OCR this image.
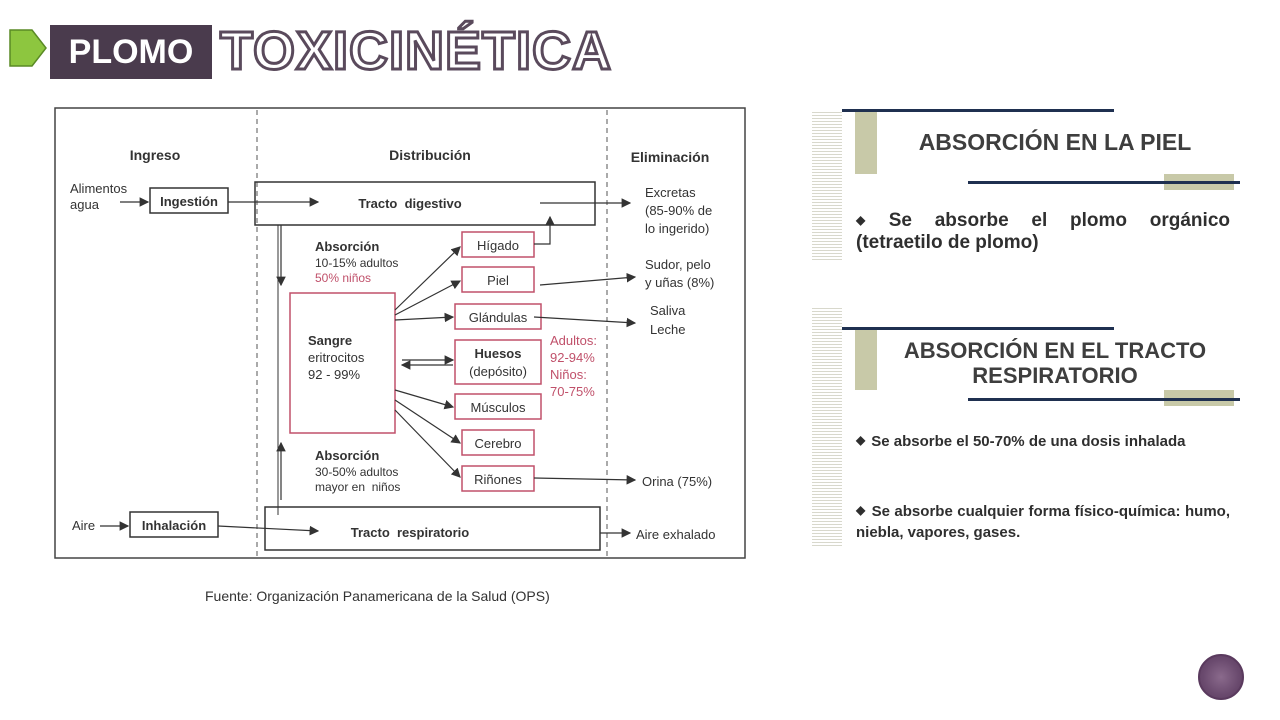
PLOMO TOXICINÉTICA
Ingreso	Distribución	Eliminación
Alimentos
agua	Ingestión
Aire	Inhalación
Tracto  digestivo
Tracto  respiratorio
Absorción
10-15% adultos
50% niños
Sangre
eritrocitos
92 - 99%
Absorción
30-50% adultos
mayor en  niños
Hígado
Piel
Glándulas
Huesos
(depósito)
Músculos
Cerebro
Riñones
Adultos:
92-94%
Niños:
70-75%
Excretas
(85-90% de
lo ingerido)
Sudor, pelo
y uñas (8%)
Saliva
Leche
Orina (75%)
Aire exhalado
Fuente: Organización Panamericana de la Salud (OPS)
ABSORCIÓN EN LA PIEL
◆ Se absorbe el plomo orgánico (tetraetilo de plomo)
ABSORCIÓN EN EL TRACTO
RESPIRATORIO
◆ Se absorbe el 50-70% de una dosis inhalada
◆ Se absorbe cualquier forma físico-química: humo, niebla, vapores, gases.
